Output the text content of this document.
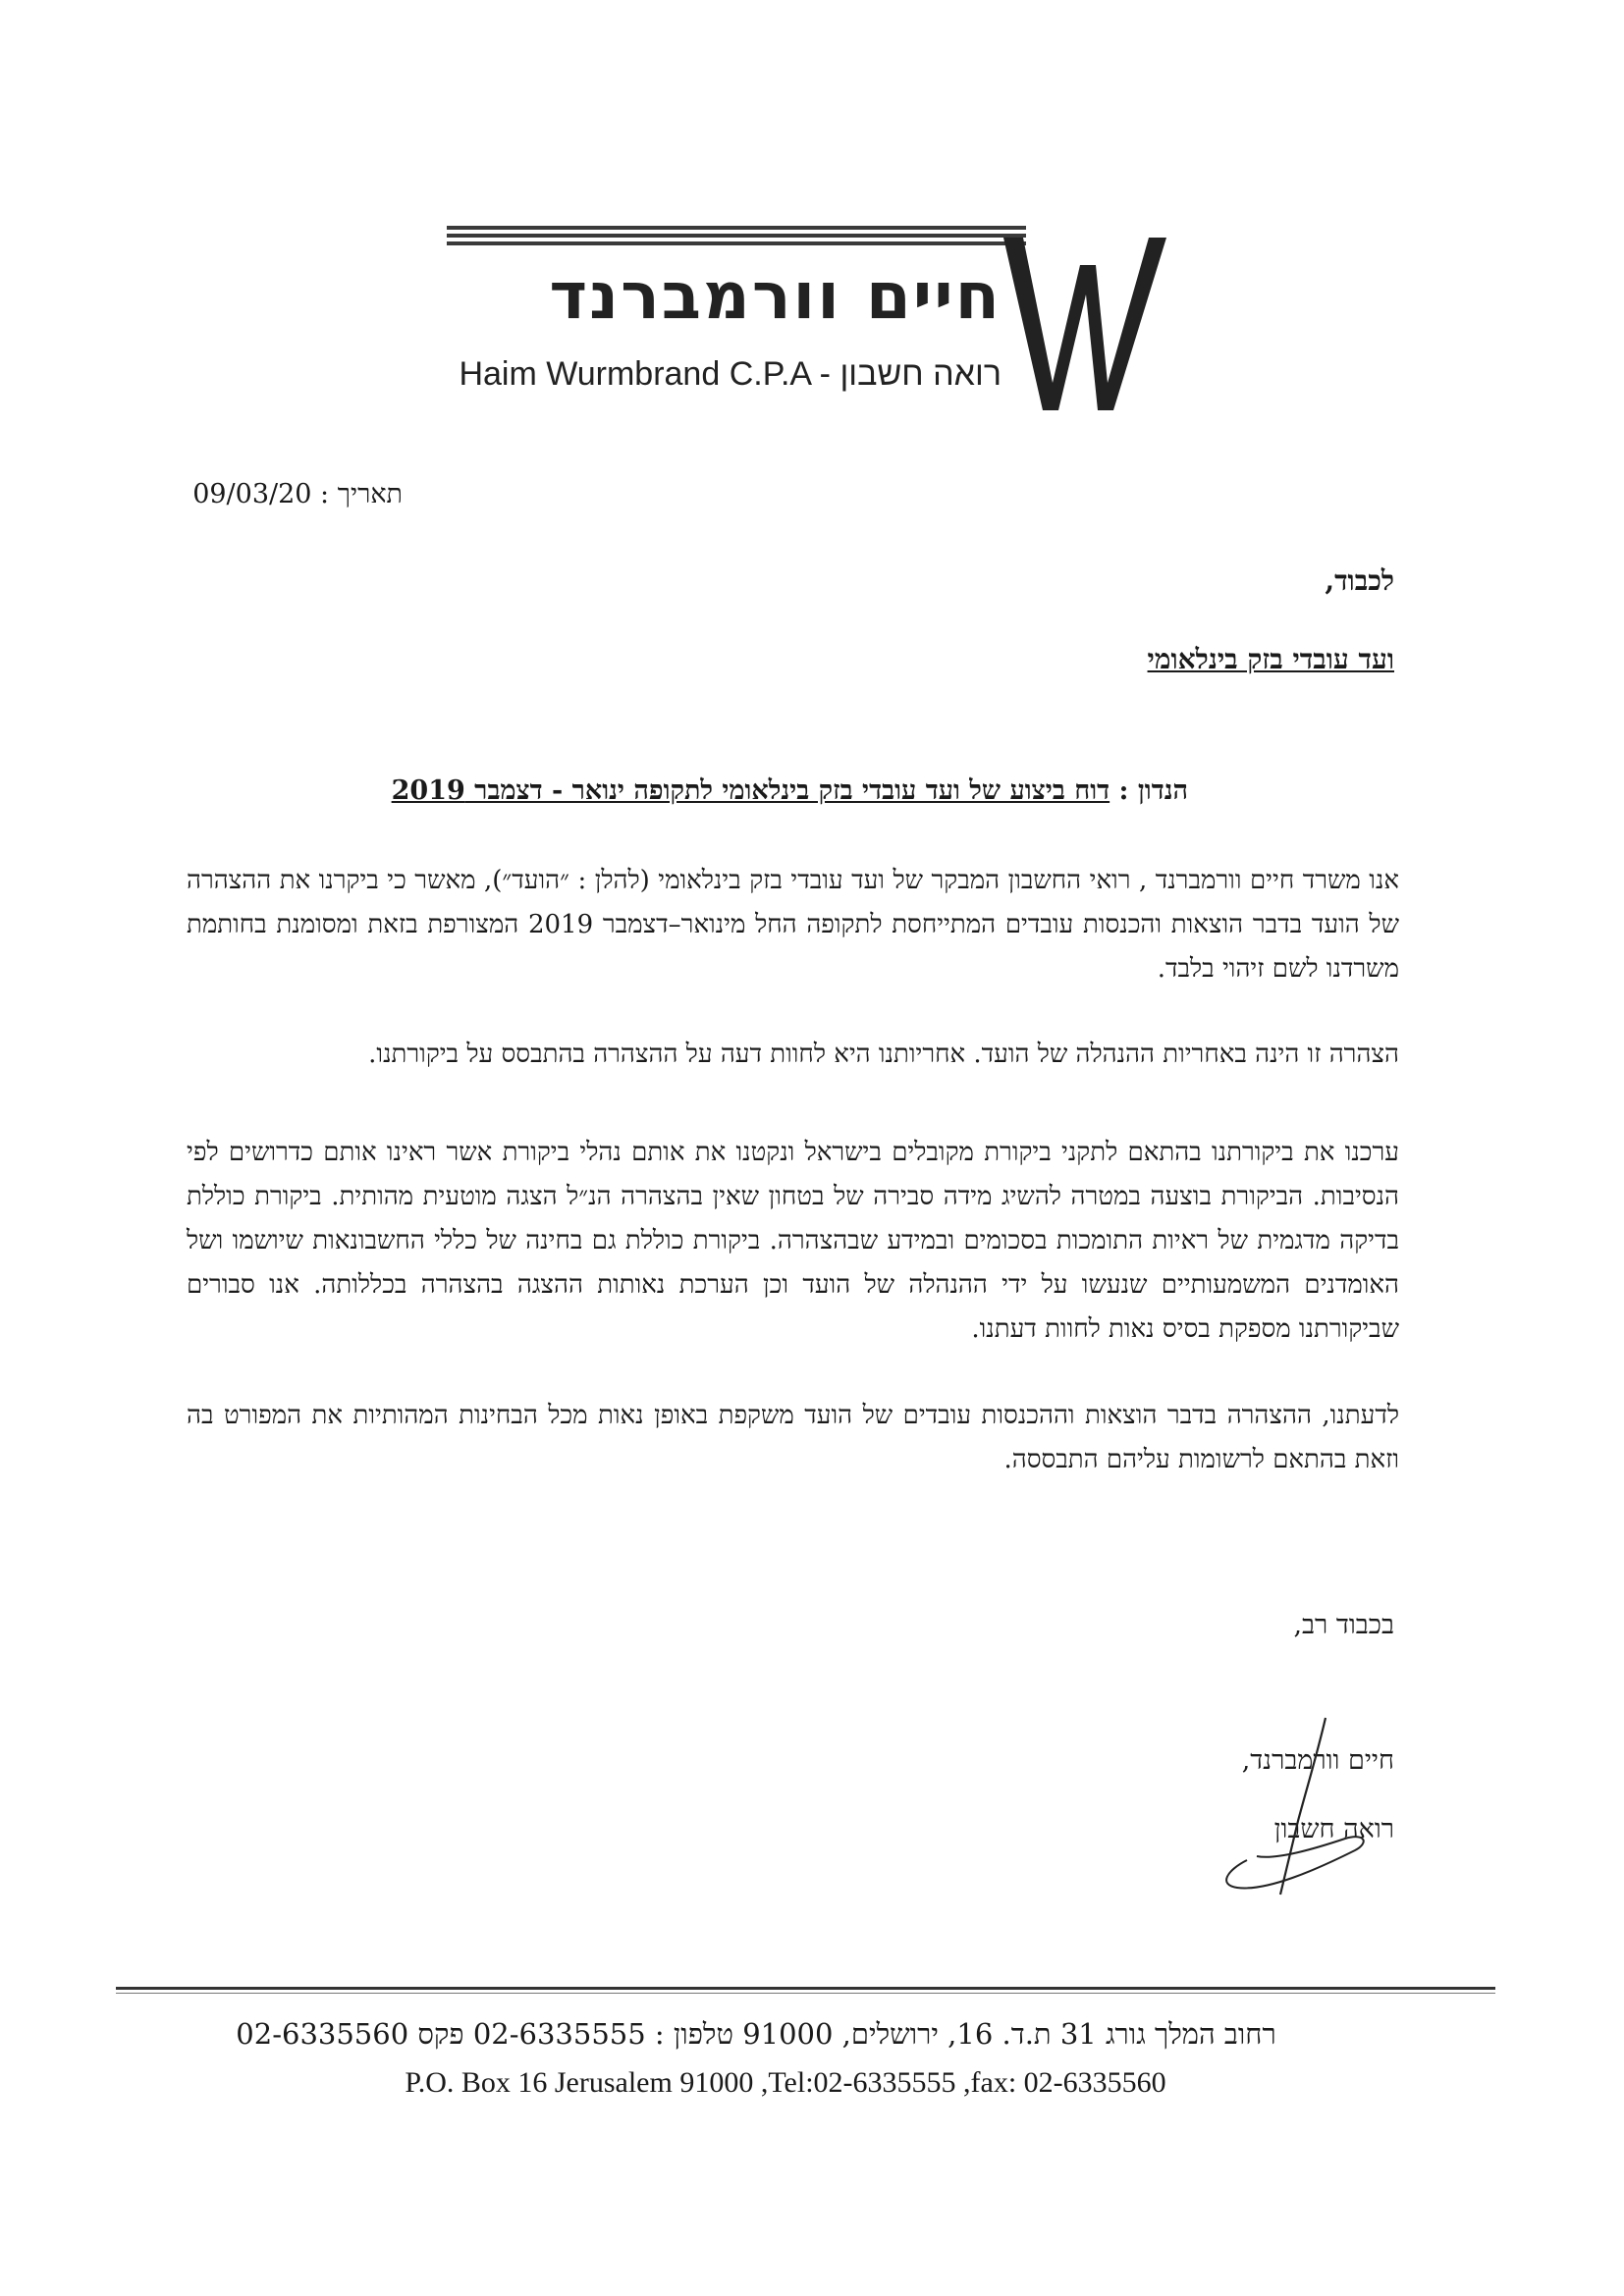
חיים וורמברנד
Haim Wurmbrand C.P.A - רואה חשבון
תאריך : 09/03/20
לכבוד,
ועד עובדי בזק בינלאומי
הנדון : דוח ביצוע של ועד עובדי בזק בינלאומי לתקופה ינואר - דצמבר 2019

אנו משרד חיים וורמברנד , רואי החשבון המבקר של ועד עובדי בזק בינלאומי (להלן : ״הועד״), מאשר כי ביקרנו את ההצהרה של הועד בדבר הוצאות והכנסות עובדים המתייחסת לתקופה החל מינואר–דצמבר 2019 המצורפת בזאת ומסומנת בחותמת משרדנו לשם זיהוי בלבד.

הצהרה זו הינה באחריות ההנהלה של הועד. אחריותנו היא לחוות דעה על ההצהרה בהתבסס על ביקורתנו.

ערכנו את ביקורתנו בהתאם לתקני ביקורת מקובלים בישראל ונקטנו את אותם נהלי ביקורת אשר ראינו אותם כדרושים לפי הנסיבות. הביקורת בוצעה במטרה להשיג מידה סבירה של בטחון שאין בהצהרה הנ״ל הצגה מוטעית מהותית. ביקורת כוללת בדיקה מדגמית של ראיות התומכות בסכומים ובמידע שבהצהרה. ביקורת כוללת גם בחינה של כללי החשבונאות שיושמו ושל האומדנים המשמעותיים שנעשו על ידי ההנהלה של הועד וכן הערכת נאותות ההצגה בהצהרה בכללותה. אנו סבורים שביקורתנו מספקת בסיס נאות לחוות דעתנו.

לדעתנו, ההצהרה בדבר הוצאות וההכנסות עובדים של הועד משקפת באופן נאות מכל הבחינות המהותיות את המפורט בה וזאת בהתאם לרשומות עליהם התבססה.

בכבוד רב,
חיים וורמברנד,
רואה חשבון
רחוב המלך גורג 31 ת.ד. 16, ירושלים, 91000 טלפון : 02-6335555 פקס 02-6335560
P.O. Box 16 Jerusalem 91000 ,Tel:02-6335555 ,fax: 02-6335560
